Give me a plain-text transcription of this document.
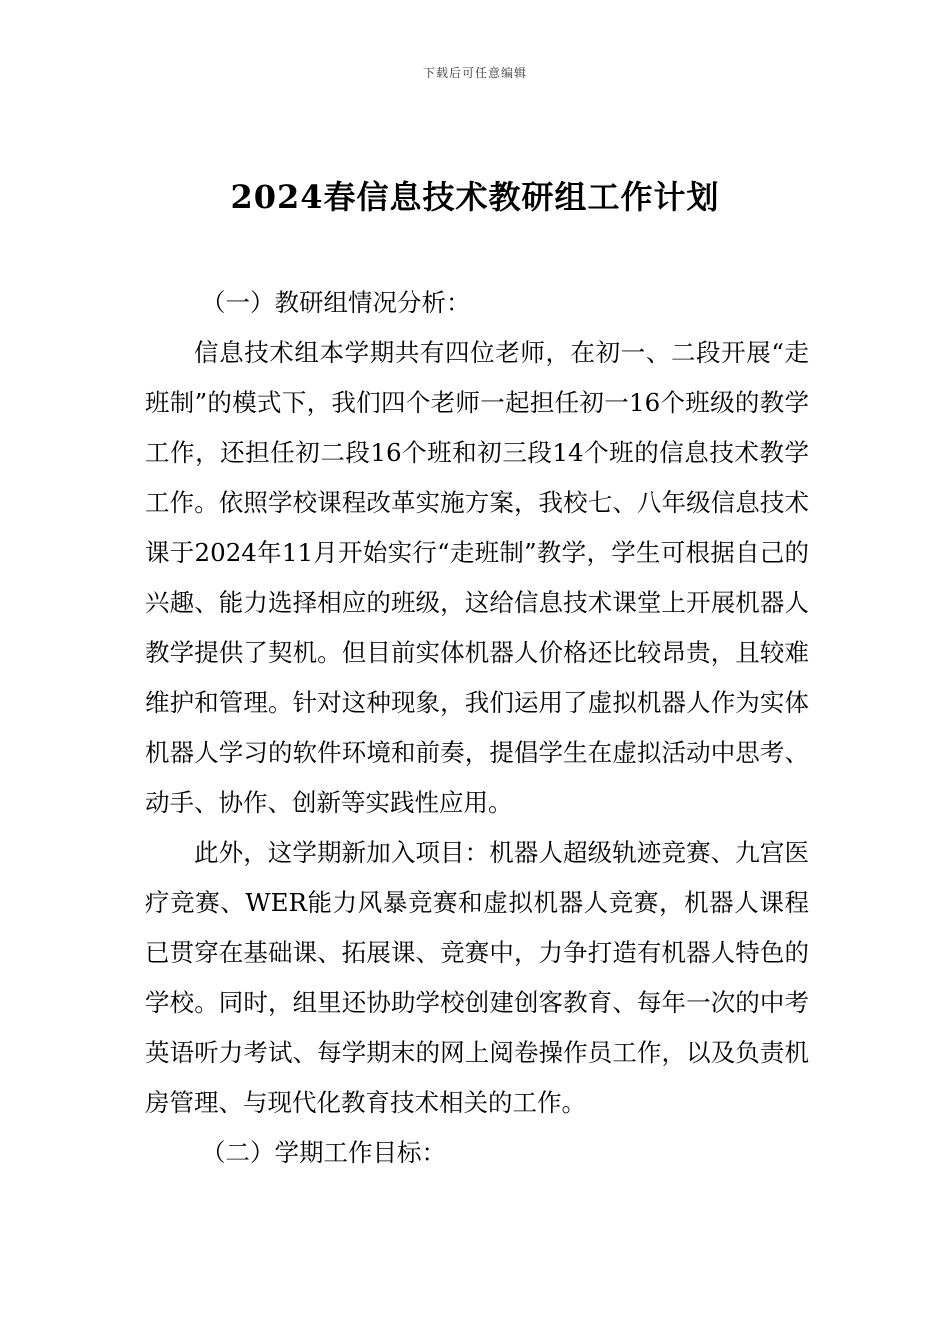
下载后可任意编辑
2024春信息技术教研组工作计划

（一）教研组情况分析：

信息技术组本学期共有四位老师，在初一、二段开展“走班制”的模式下，我们四个老师一起担任初一16个班级的教学工作，还担任初二段16个班和初三段14个班的信息技术教学工作。依照学校课程改革实施方案，我校七、八年级信息技术课于2024年11月开始实行“走班制”教学，学生可根据自己的兴趣、能力选择相应的班级，这给信息技术课堂上开展机器人教学提供了契机。但目前实体机器人价格还比较昂贵，且较难维护和管理。针对这种现象，我们运用了虚拟机器人作为实体机器人学习的软件环境和前奏，提倡学生在虚拟活动中思考、动手、协作、创新等实践性应用。

此外，这学期新加入项目：机器人超级轨迹竞赛、九宫医疗竞赛、WER能力风暴竞赛和虚拟机器人竞赛，机器人课程已贯穿在基础课、拓展课、竞赛中，力争打造有机器人特色的学校。同时，组里还协助学校创建创客教育、每年一次的中考英语听力考试、每学期末的网上阅卷操作员工作，以及负责机房管理、与现代化教育技术相关的工作。

（二）学期工作目标：
